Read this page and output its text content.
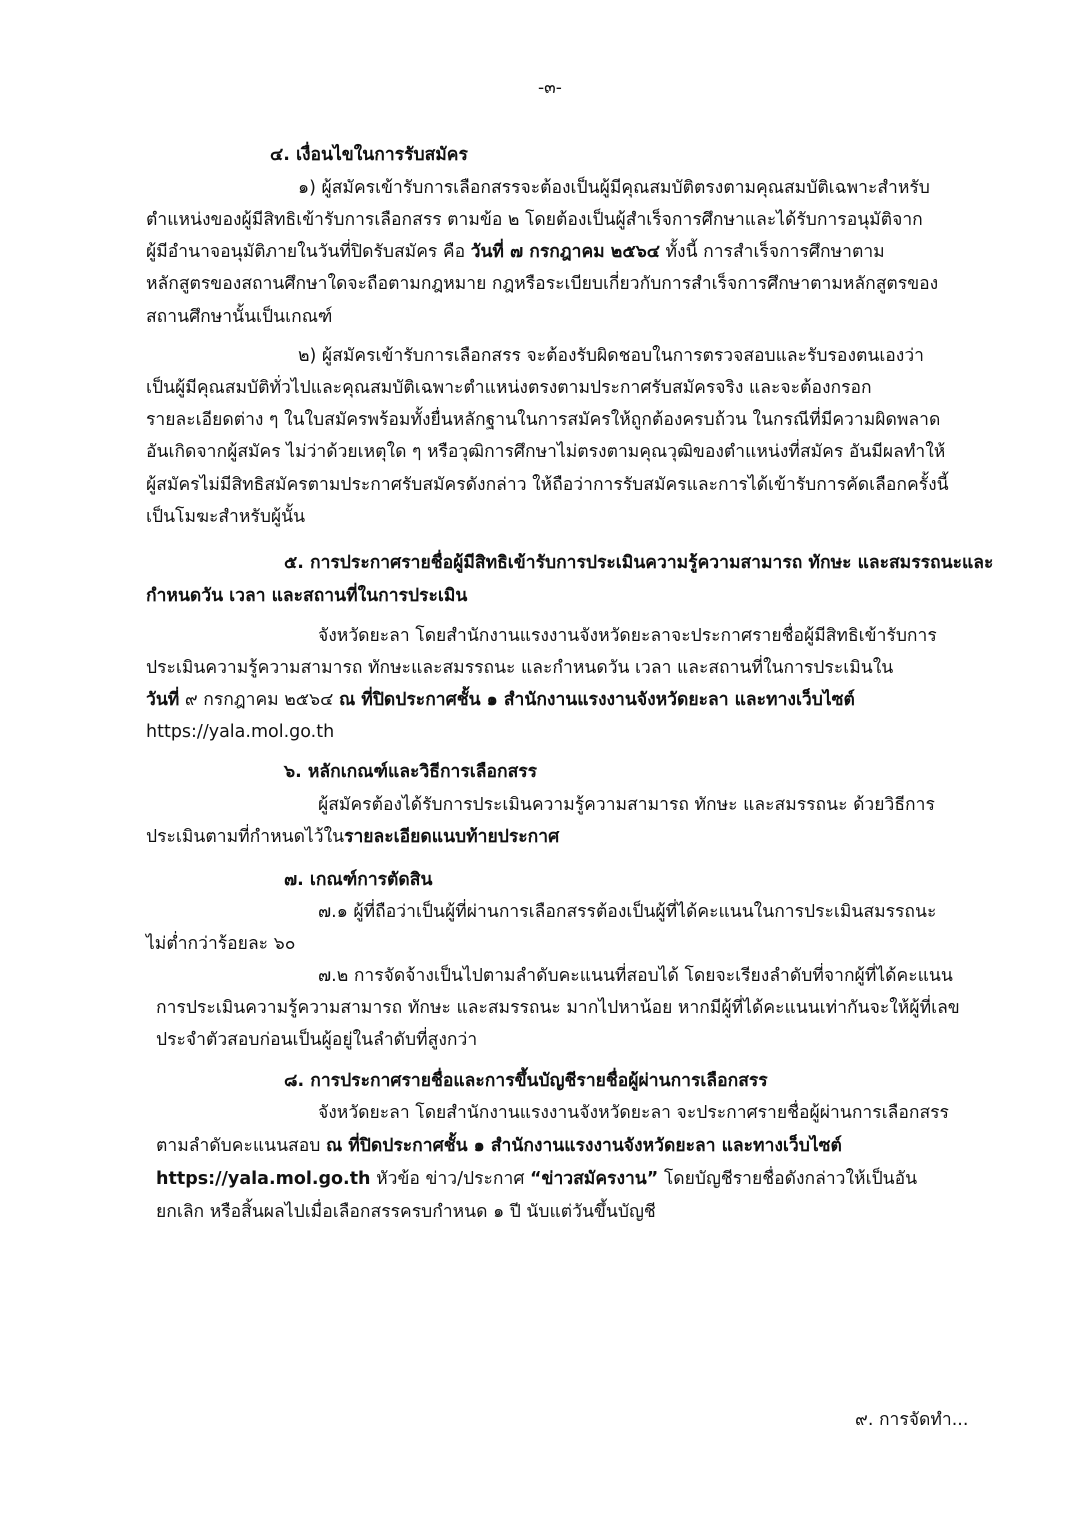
-๓-
๔. เงื่อนไขในการรับสมัคร
๑) ผู้สมัครเข้ารับการเลือกสรรจะต้องเป็นผู้มีคุณสมบัติตรงตามคุณสมบัติเฉพาะสำหรับ
ตำแหน่งของผู้มีสิทธิเข้ารับการเลือกสรร ตามข้อ ๒ โดยต้องเป็นผู้สำเร็จการศึกษาและได้รับการอนุมัติจาก
ผู้มีอำนาจอนุมัติภายในวันที่ปิดรับสมัคร คือ วันที่ ๗ กรกฎาคม ๒๕๖๔ ทั้งนี้ การสำเร็จการศึกษาตาม
หลักสูตรของสถานศึกษาใดจะถือตามกฎหมาย กฎหรือระเบียบเกี่ยวกับการสำเร็จการศึกษาตามหลักสูตรของ
สถานศึกษานั้นเป็นเกณฑ์
๒) ผู้สมัครเข้ารับการเลือกสรร จะต้องรับผิดชอบในการตรวจสอบและรับรองตนเองว่า
เป็นผู้มีคุณสมบัติทั่วไปและคุณสมบัติเฉพาะตำแหน่งตรงตามประกาศรับสมัครจริง และจะต้องกรอก
รายละเอียดต่าง ๆ ในใบสมัครพร้อมทั้งยื่นหลักฐานในการสมัครให้ถูกต้องครบถ้วน ในกรณีที่มีความผิดพลาด
อันเกิดจากผู้สมัคร ไม่ว่าด้วยเหตุใด ๆ หรือวุฒิการศึกษาไม่ตรงตามคุณวุฒิของตำแหน่งที่สมัคร อันมีผลทำให้
ผู้สมัครไม่มีสิทธิสมัครตามประกาศรับสมัครดังกล่าว ให้ถือว่าการรับสมัครและการได้เข้ารับการคัดเลือกครั้งนี้
เป็นโมฆะสำหรับผู้นั้น
๕. การประกาศรายชื่อผู้มีสิทธิเข้ารับการประเมินความรู้ความสามารถ ทักษะ และสมรรถนะและ
กำหนดวัน เวลา และสถานที่ในการประเมิน
จังหวัดยะลา โดยสำนักงานแรงงานจังหวัดยะลาจะประกาศรายชื่อผู้มีสิทธิเข้ารับการ
ประเมินความรู้ความสามารถ ทักษะและสมรรถนะ และกำหนดวัน เวลา และสถานที่ในการประเมินใน
วันที่ ๙ กรกฎาคม ๒๕๖๔ ณ ที่ปิดประกาศชั้น ๑ สำนักงานแรงงานจังหวัดยะลา และทางเว็บไซต์
https://yala.mol.go.th
๖. หลักเกณฑ์และวิธีการเลือกสรร
ผู้สมัครต้องได้รับการประเมินความรู้ความสามารถ ทักษะ และสมรรถนะ ด้วยวิธีการ
ประเมินตามที่กำหนดไว้ในรายละเอียดแนบท้ายประกาศ
๗. เกณฑ์การตัดสิน
๗.๑ ผู้ที่ถือว่าเป็นผู้ที่ผ่านการเลือกสรรต้องเป็นผู้ที่ได้คะแนนในการประเมินสมรรถนะ
ไม่ต่ำกว่าร้อยละ ๖๐
๗.๒ การจัดจ้างเป็นไปตามลำดับคะแนนที่สอบได้ โดยจะเรียงลำดับที่จากผู้ที่ได้คะแนน
การประเมินความรู้ความสามารถ ทักษะ และสมรรถนะ มากไปหาน้อย หากมีผู้ที่ได้คะแนนเท่ากันจะให้ผู้ที่เลข
ประจำตัวสอบก่อนเป็นผู้อยู่ในลำดับที่สูงกว่า
๘. การประกาศรายชื่อและการขึ้นบัญชีรายชื่อผู้ผ่านการเลือกสรร
จังหวัดยะลา โดยสำนักงานแรงงานจังหวัดยะลา จะประกาศรายชื่อผู้ผ่านการเลือกสรร
ตามลำดับคะแนนสอบ ณ ที่ปิดประกาศชั้น ๑ สำนักงานแรงงานจังหวัดยะลา และทางเว็บไซต์
https://yala.mol.go.th หัวข้อ ข่าว/ประกาศ “ข่าวสมัครงาน” โดยบัญชีรายชื่อดังกล่าวให้เป็นอัน
ยกเลิก หรือสิ้นผลไปเมื่อเลือกสรรครบกำหนด ๑ ปี นับแต่วันขึ้นบัญชี
๙. การจัดทำ...
